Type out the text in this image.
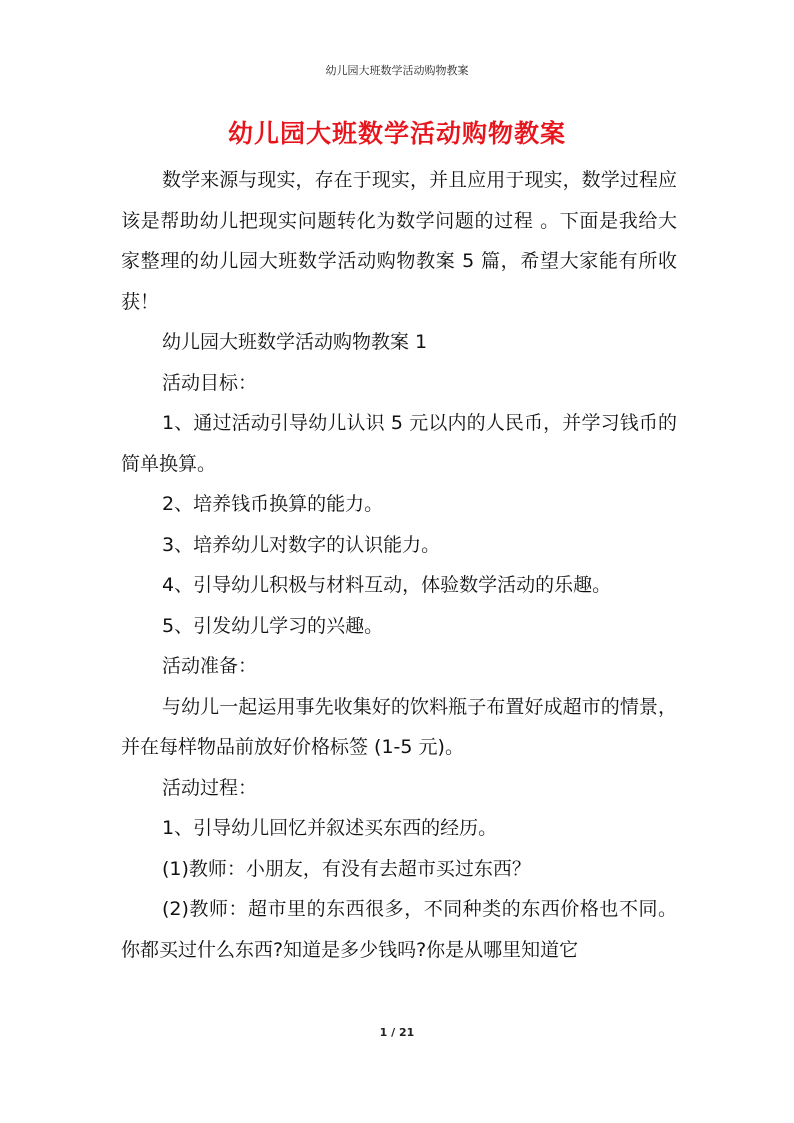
幼儿园大班数学活动购物教案
幼儿园大班数学活动购物教案

数学来源与现实，存在于现实，并且应用于现实，数学过程应该是帮助幼儿把现实问题转化为数学问题的过程 。下面是我给大家整理的幼儿园大班数学活动购物教案 5 篇，希望大家能有所收获！

幼儿园大班数学活动购物教案 1

活动目标：

1、通过活动引导幼儿认识 5 元以内的人民币，并学习钱币的简单换算。

2、培养钱币换算的能力。

3、培养幼儿对数字的认识能力。

4、引导幼儿积极与材料互动，体验数学活动的乐趣。

5、引发幼儿学习的兴趣。

活动准备：

与幼儿一起运用事先收集好的饮料瓶子布置好成超市的情景，并在每样物品前放好价格标签 (1-5 元)。

活动过程：

1、引导幼儿回忆并叙述买东西的经历。

(1)教师：小朋友，有没有去超市买过东西？

(2)教师：超市里的东西很多，不同种类的东西价格也不同。你都买过什么东西?知道是多少钱吗?你是从哪里知道它

1 / 21
